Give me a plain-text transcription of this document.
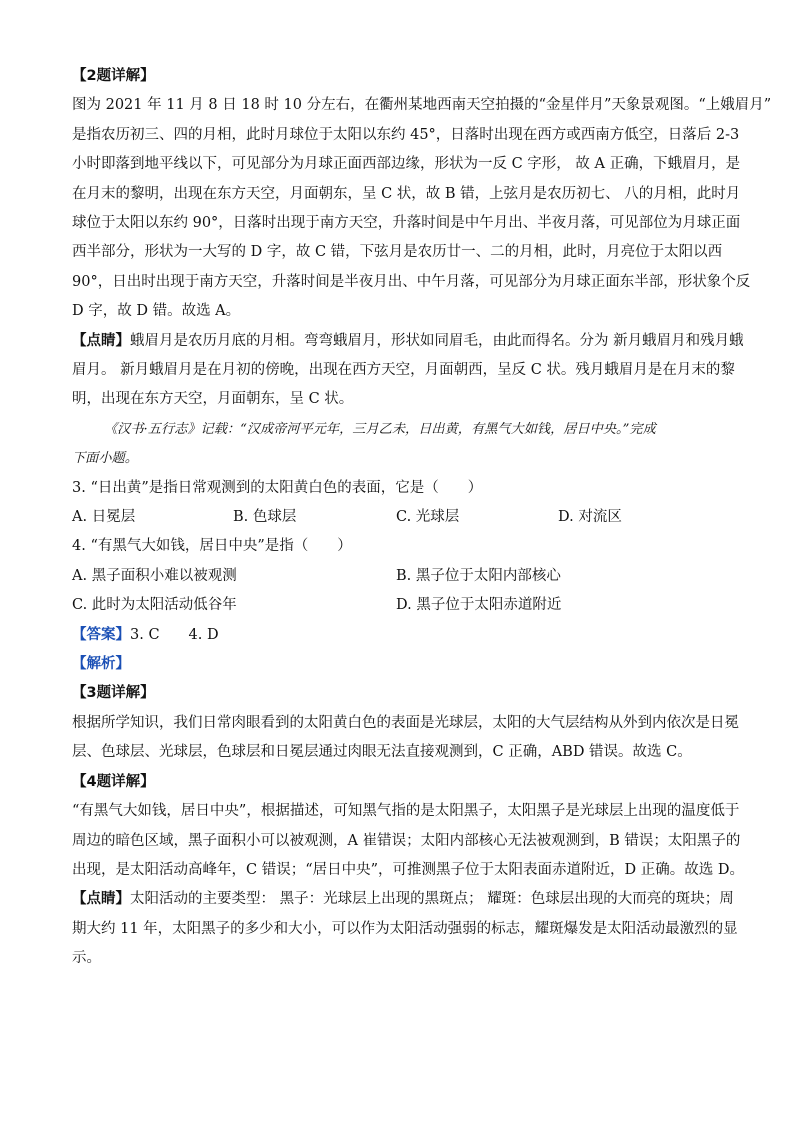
【2题详解】
图为 2021 年 11 月 8 日 18 时 10 分左右，在衢州某地西南天空拍摄的“金星伴月”天象景观图。“上娥眉月”
是指农历初三、四的月相，此时月球位于太阳以东约 45°，日落时出现在西方或西南方低空，日落后 2-3
小时即落到地平线以下，可见部分为月球正面西部边缘，形状为一反 C 字形， 故 A 正确，下蛾眉月，是
在月末的黎明，出现在东方天空，月面朝东，呈 C 状，故 B 错，上弦月是农历初七、 八的月相，此时月
球位于太阳以东约 90°，日落时出现于南方天空，升落时间是中午月出、半夜月落，可见部位为月球正面
西半部分，形状为一大写的 D 字，故 C 错，下弦月是农历廿一、二的月相，此时，月亮位于太阳以西
90°，日出时出现于南方天空，升落时间是半夜月出、中午月落，可见部分为月球正面东半部，形状象个反
D 字，故 D 错。故选 A。
【点睛】蛾眉月是农历月底的月相。弯弯蛾眉月，形状如同眉毛，由此而得名。分为 新月蛾眉月和残月蛾
眉月。 新月蛾眉月是在月初的傍晚，出现在西方天空，月面朝西，呈反 C 状。残月蛾眉月是在月末的黎
明，出现在东方天空，月面朝东，呈 C 状。
《汉书·五行志》记载：“汉成帝河平元年，三月乙未，日出黄，有黑气大如钱，居日中央。”完成
下面小题。
3. “日出黄”是指日常观测到的太阳黄白色的表面，它是（　　）
A. 日冕层	B. 色球层	C. 光球层	D. 对流区
4. “有黑气大如钱，居日中央”是指（　　）
A. 黑子面积小难以被观测	B. 黑子位于太阳内部核心
C. 此时为太阳活动低谷年	D. 黑子位于太阳赤道附近
【答案】3. C　　4. D
【解析】
【3题详解】
根据所学知识，我们日常肉眼看到的太阳黄白色的表面是光球层，太阳的大气层结构从外到内依次是日冕
层、色球层、光球层，色球层和日冕层通过肉眼无法直接观测到，C 正确，ABD 错误。故选 C。
【4题详解】
“有黑气大如钱，居日中央”，根据描述，可知黑气指的是太阳黑子，太阳黑子是光球层上出现的温度低于
周边的暗色区域，黑子面积小可以被观测，A 崔错误；太阳内部核心无法被观测到，B 错误；太阳黑子的
出现，是太阳活动高峰年，C 错误；“居日中央”，可推测黑子位于太阳表面赤道附近，D 正确。故选 D。
【点睛】太阳活动的主要类型： 黑子：光球层上出现的黑斑点； 耀斑：色球层出现的大而亮的斑块；周
期大约 11 年，太阳黑子的多少和大小，可以作为太阳活动强弱的标志，耀斑爆发是太阳活动最激烈的显
示。
